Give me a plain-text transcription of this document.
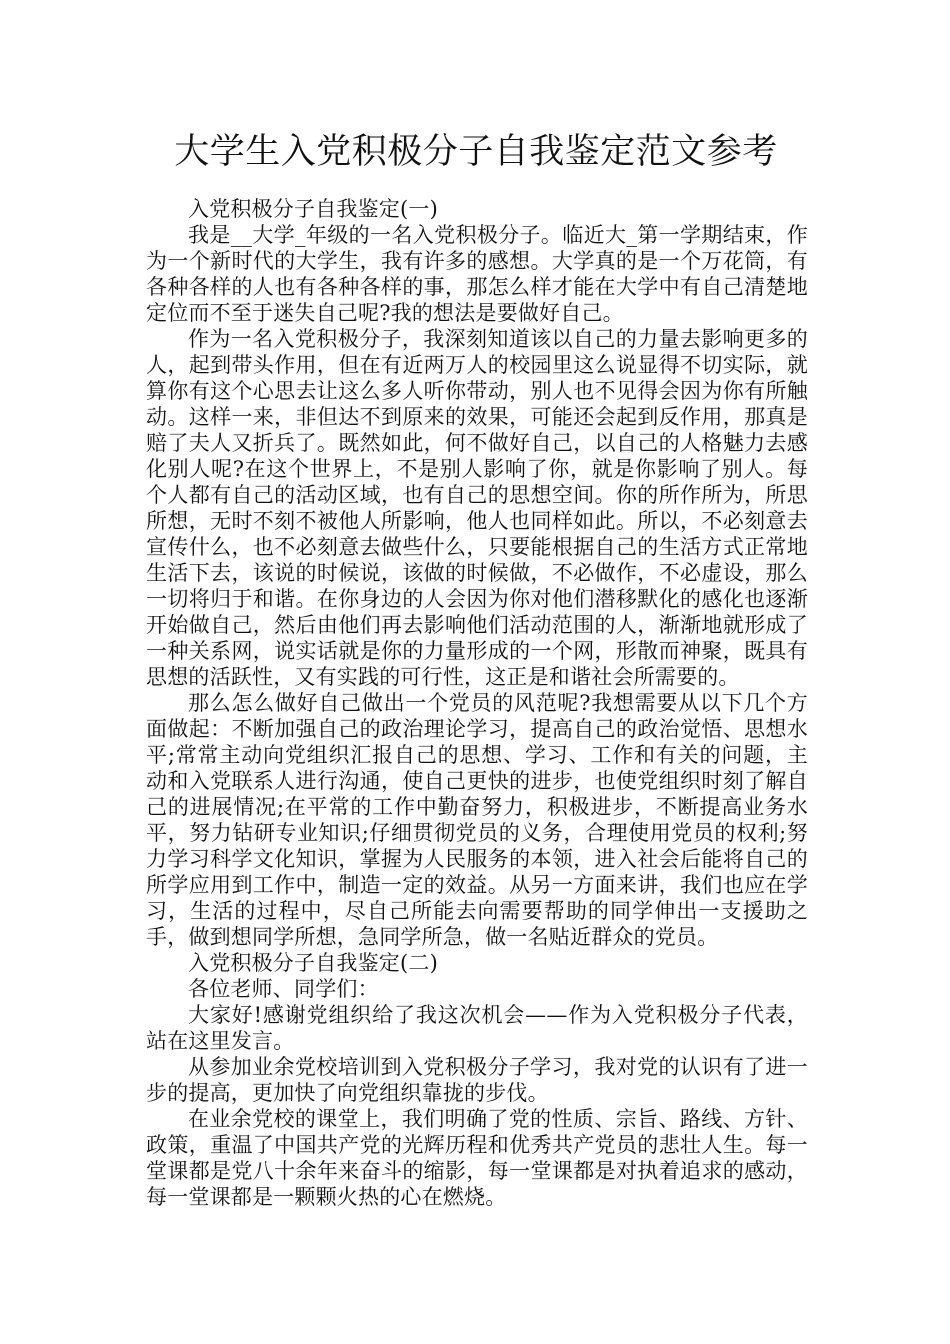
大学生入党积极分子自我鉴定范文参考

入党积极分子自我鉴定(一)

我是__大学_年级的一名入党积极分子。临近大_第一学期结束，作为一个新时代的大学生，我有许多的感想。大学真的是一个万花筒，有各种各样的人也有各种各样的事，那怎么样才能在大学中有自己清楚地定位而不至于迷失自己呢?我的想法是要做好自己。

作为一名入党积极分子，我深刻知道该以自己的力量去影响更多的人，起到带头作用，但在有近两万人的校园里这么说显得不切实际，就算你有这个心思去让这么多人听你带动，别人也不见得会因为你有所触动。这样一来，非但达不到原来的效果，可能还会起到反作用，那真是赔了夫人又折兵了。既然如此，何不做好自己，以自己的人格魅力去感化别人呢?在这个世界上，不是别人影响了你，就是你影响了别人。每个人都有自己的活动区域，也有自己的思想空间。你的所作所为，所思所想，无时不刻不被他人所影响，他人也同样如此。所以，不必刻意去宣传什么，也不必刻意去做些什么，只要能根据自己的生活方式正常地生活下去，该说的时候说，该做的时候做，不必做作，不必虚设，那么一切将归于和谐。在你身边的人会因为你对他们潜移默化的感化也逐渐开始做自己，然后由他们再去影响他们活动范围的人，渐渐地就形成了一种关系网，说实话就是你的力量形成的一个网，形散而神聚，既具有思想的活跃性，又有实践的可行性，这正是和谐社会所需要的。

那么怎么做好自己做出一个党员的风范呢?我想需要从以下几个方面做起：不断加强自己的政治理论学习，提高自己的政治觉悟、思想水平;常常主动向党组织汇报自己的思想、学习、工作和有关的问题，主动和入党联系人进行沟通，使自己更快的进步，也使党组织时刻了解自己的进展情况;在平常的工作中勤奋努力，积极进步，不断提高业务水平，努力钻研专业知识;仔细贯彻党员的义务，合理使用党员的权利;努力学习科学文化知识，掌握为人民服务的本领，进入社会后能将自己的所学应用到工作中，制造一定的效益。从另一方面来讲，我们也应在学习，生活的过程中，尽自己所能去向需要帮助的同学伸出一支援助之手，做到想同学所想，急同学所急，做一名贴近群众的党员。

入党积极分子自我鉴定(二)

各位老师、同学们：

大家好!感谢党组织给了我这次机会——作为入党积极分子代表，站在这里发言。

从参加业余党校培训到入党积极分子学习，我对党的认识有了进一步的提高，更加快了向党组织靠拢的步伐。

在业余党校的课堂上，我们明确了党的性质、宗旨、路线、方针、政策，重温了中国共产党的光辉历程和优秀共产党员的悲壮人生。每一堂课都是党八十余年来奋斗的缩影，每一堂课都是对执着追求的感动，每一堂课都是一颗颗火热的心在燃烧。
